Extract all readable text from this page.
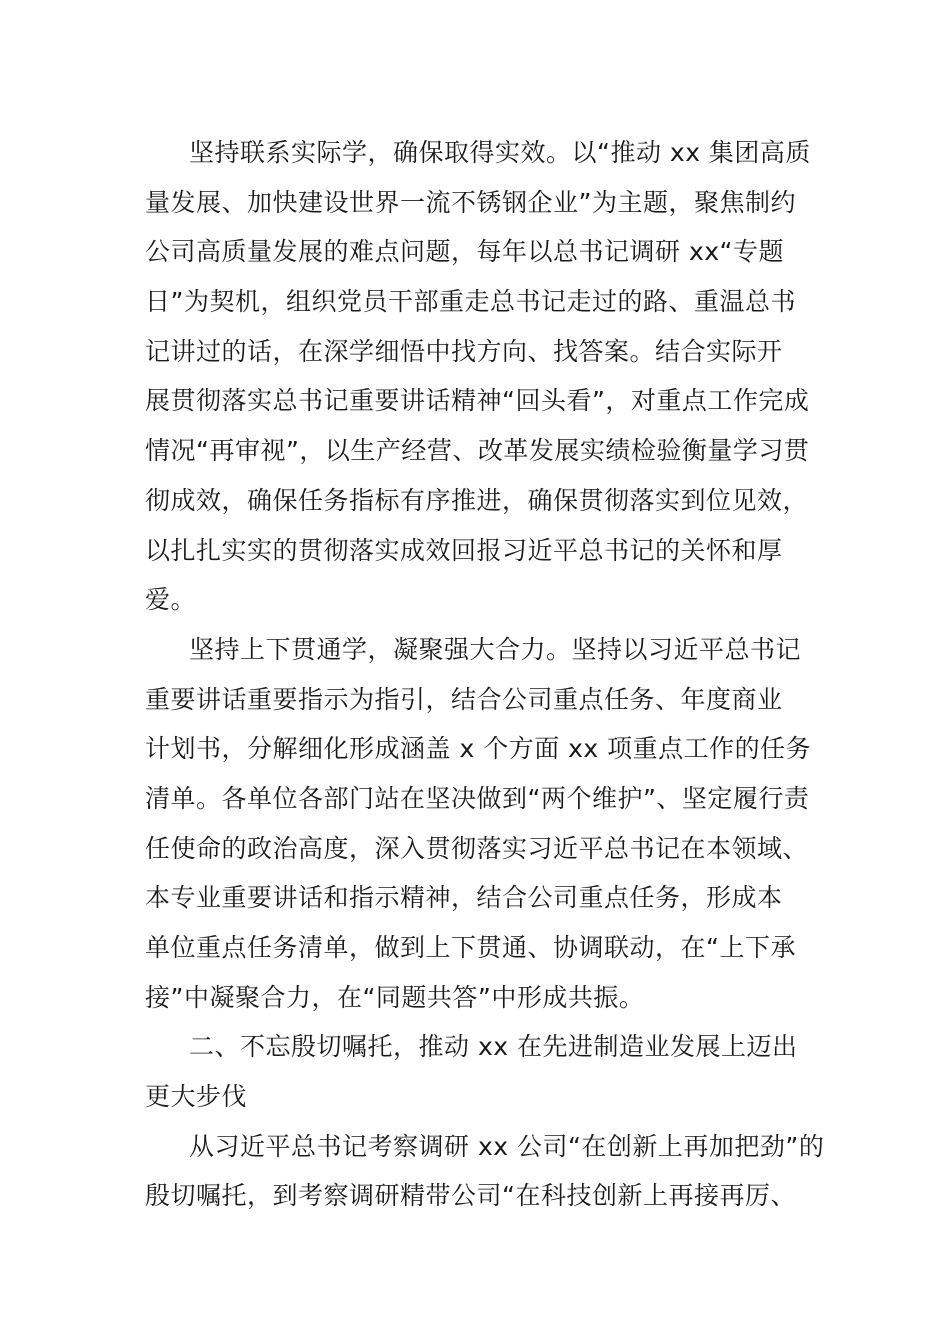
坚持联系实际学，确保取得实效。以“推动 xx 集团高质
量发展、加快建设世界一流不锈钢企业”为主题，聚焦制约
公司高质量发展的难点问题，每年以总书记调研 xx“专题
日”为契机，组织党员干部重走总书记走过的路、重温总书
记讲过的话，在深学细悟中找方向、找答案。结合实际开
展贯彻落实总书记重要讲话精神“回头看”，对重点工作完成
情况“再审视”，以生产经营、改革发展实绩检验衡量学习贯
彻成效，确保任务指标有序推进，确保贯彻落实到位见效，
以扎扎实实的贯彻落实成效回报习近平总书记的关怀和厚
爱。
坚持上下贯通学，凝聚强大合力。坚持以习近平总书记
重要讲话重要指示为指引，结合公司重点任务、年度商业
计划书，分解细化形成涵盖 x 个方面 xx 项重点工作的任务
清单。各单位各部门站在坚决做到“两个维护”、坚定履行责
任使命的政治高度，深入贯彻落实习近平总书记在本领域、
本专业重要讲话和指示精神，结合公司重点任务，形成本
单位重点任务清单，做到上下贯通、协调联动，在“上下承
接”中凝聚合力，在“同题共答”中形成共振。
二、不忘殷切嘱托，推动 xx 在先进制造业发展上迈出
更大步伐
从习近平总书记考察调研 xx 公司“在创新上再加把劲”的
殷切嘱托，到考察调研精带公司“在科技创新上再接再厉、
